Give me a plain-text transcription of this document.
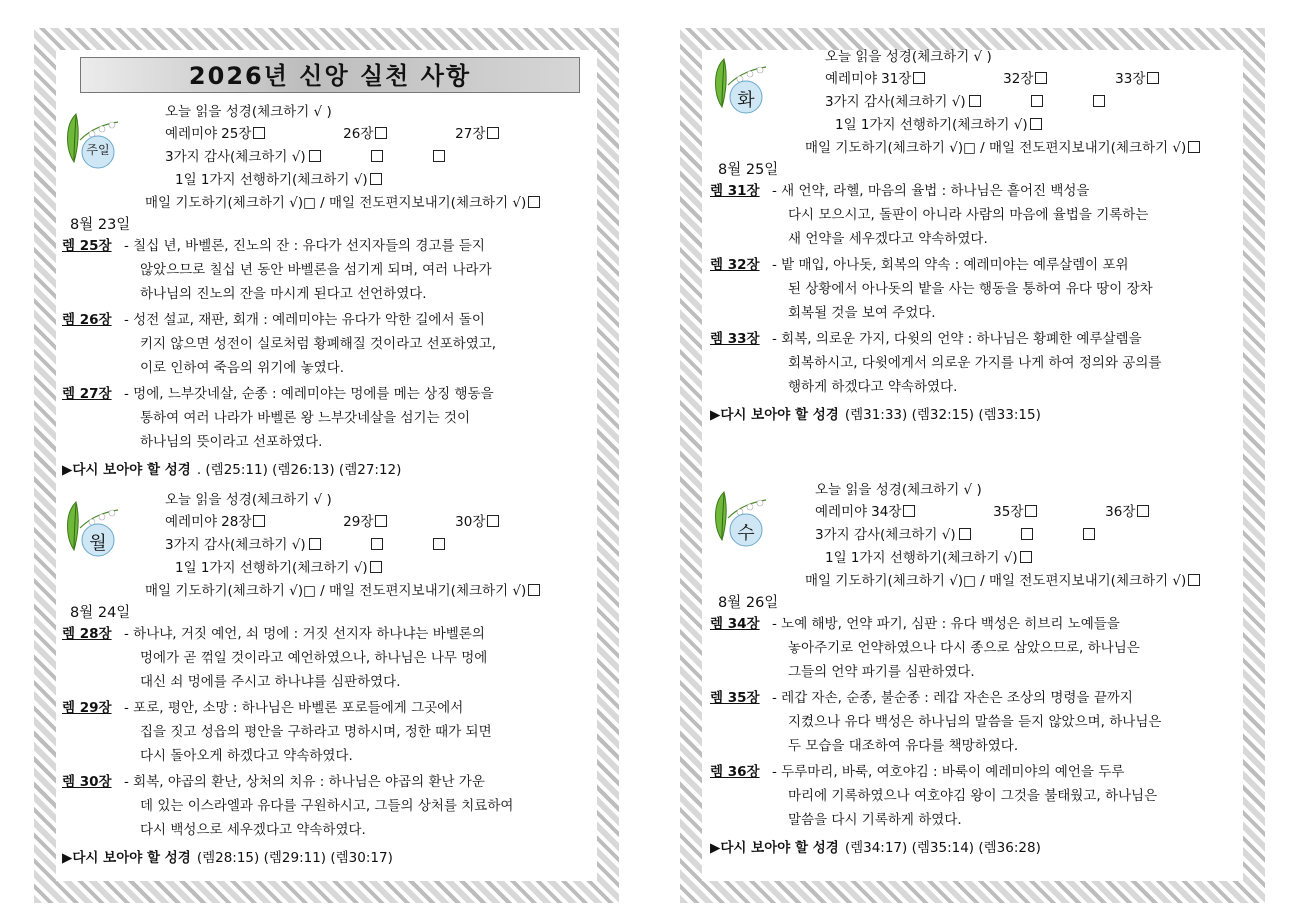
2026년 신앙 실천 사항
주일
오늘 읽을 성경(체크하기 √ )
예레미야 25장	26장	27장
3가지 감사(체크하기 √)
1일 1가지 선행하기(체크하기 √)
매일 기도하기(체크하기 √)□ / 매일 전도편지보내기(체크하기 √)
8월 23일
렘 25장 - 칠십 년, 바벨론, 진노의 잔 : 유다가 선지자들의 경고를 듣지
않았으므로 칠십 년 동안 바벨론을 섬기게 되며, 여러 나라가
하나님의 진노의 잔을 마시게 된다고 선언하였다.
렘 26장 - 성전 설교, 재판, 회개 : 예레미야는 유다가 악한 길에서 돌이
키지 않으면 성전이 실로처럼 황폐해질 것이라고 선포하였고,
이로 인하여 죽음의 위기에 놓였다.
렘 27장 - 멍에, 느부갓네살, 순종 : 예레미야는 멍에를 메는 상징 행동을
통하여 여러 나라가 바벨론 왕 느부갓네살을 섬기는 것이
하나님의 뜻이라고 선포하였다.
▶다시 보아야 할 성경 . (렘25:11) (렘26:13) (렘27:12)
월
오늘 읽을 성경(체크하기 √ )
예레미야 28장	29장	30장
3가지 감사(체크하기 √)
1일 1가지 선행하기(체크하기 √)
매일 기도하기(체크하기 √)□ / 매일 전도편지보내기(체크하기 √)
8월 24일
렘 28장 - 하나냐, 거짓 예언, 쇠 멍에 : 거짓 선지자 하나냐는 바벨론의
멍에가 곧 꺾일 것이라고 예언하였으나, 하나님은 나무 멍에
대신 쇠 멍에를 주시고 하나냐를 심판하였다.
렘 29장 - 포로, 평안, 소망 : 하나님은 바벨론 포로들에게 그곳에서
집을 짓고 성읍의 평안을 구하라고 명하시며, 정한 때가 되면
다시 돌아오게 하겠다고 약속하였다.
렘 30장 - 회복, 야곱의 환난, 상처의 치유 : 하나님은 야곱의 환난 가운
데 있는 이스라엘과 유다를 구원하시고, 그들의 상처를 치료하여
다시 백성으로 세우겠다고 약속하였다.
▶다시 보아야 할 성경 (렘28:15) (렘29:11) (렘30:17)
화
오늘 읽을 성경(체크하기 √ )
예레미야 31장	32장	33장
3가지 감사(체크하기 √)
1일 1가지 선행하기(체크하기 √)
매일 기도하기(체크하기 √)□ / 매일 전도편지보내기(체크하기 √)
8월 25일
렘 31장 - 새 언약, 라헬, 마음의 율법 : 하나님은 흩어진 백성을
다시 모으시고, 돌판이 아니라 사람의 마음에 율법을 기록하는
새 언약을 세우겠다고 약속하였다.
렘 32장 - 밭 매입, 아나돗, 회복의 약속 : 예레미야는 예루살렘이 포위
된 상황에서 아나돗의 밭을 사는 행동을 통하여 유다 땅이 장차
회복될 것을 보여 주었다.
렘 33장 - 회복, 의로운 가지, 다윗의 언약 : 하나님은 황폐한 예루살렘을
회복하시고, 다윗에게서 의로운 가지를 나게 하여 정의와 공의를
행하게 하겠다고 약속하였다.
▶다시 보아야 할 성경 (렘31:33) (렘32:15) (렘33:15)
수
오늘 읽을 성경(체크하기 √ )
예레미야 34장	35장	36장
3가지 감사(체크하기 √)
1일 1가지 선행하기(체크하기 √)
매일 기도하기(체크하기 √)□ / 매일 전도편지보내기(체크하기 √)
8월 26일
렘 34장 - 노예 해방, 언약 파기, 심판 : 유다 백성은 히브리 노예들을
놓아주기로 언약하였으나 다시 종으로 삼았으므로, 하나님은
그들의 언약 파기를 심판하였다.
렘 35장 - 레갑 자손, 순종, 불순종 : 레갑 자손은 조상의 명령을 끝까지
지켰으나 유다 백성은 하나님의 말씀을 듣지 않았으며, 하나님은
두 모습을 대조하여 유다를 책망하였다.
렘 36장 - 두루마리, 바룩, 여호야김 : 바룩이 예레미야의 예언을 두루
마리에 기록하였으나 여호야김 왕이 그것을 불태웠고, 하나님은
말씀을 다시 기록하게 하였다.
▶다시 보아야 할 성경 (렘34:17) (렘35:14) (렘36:28)
